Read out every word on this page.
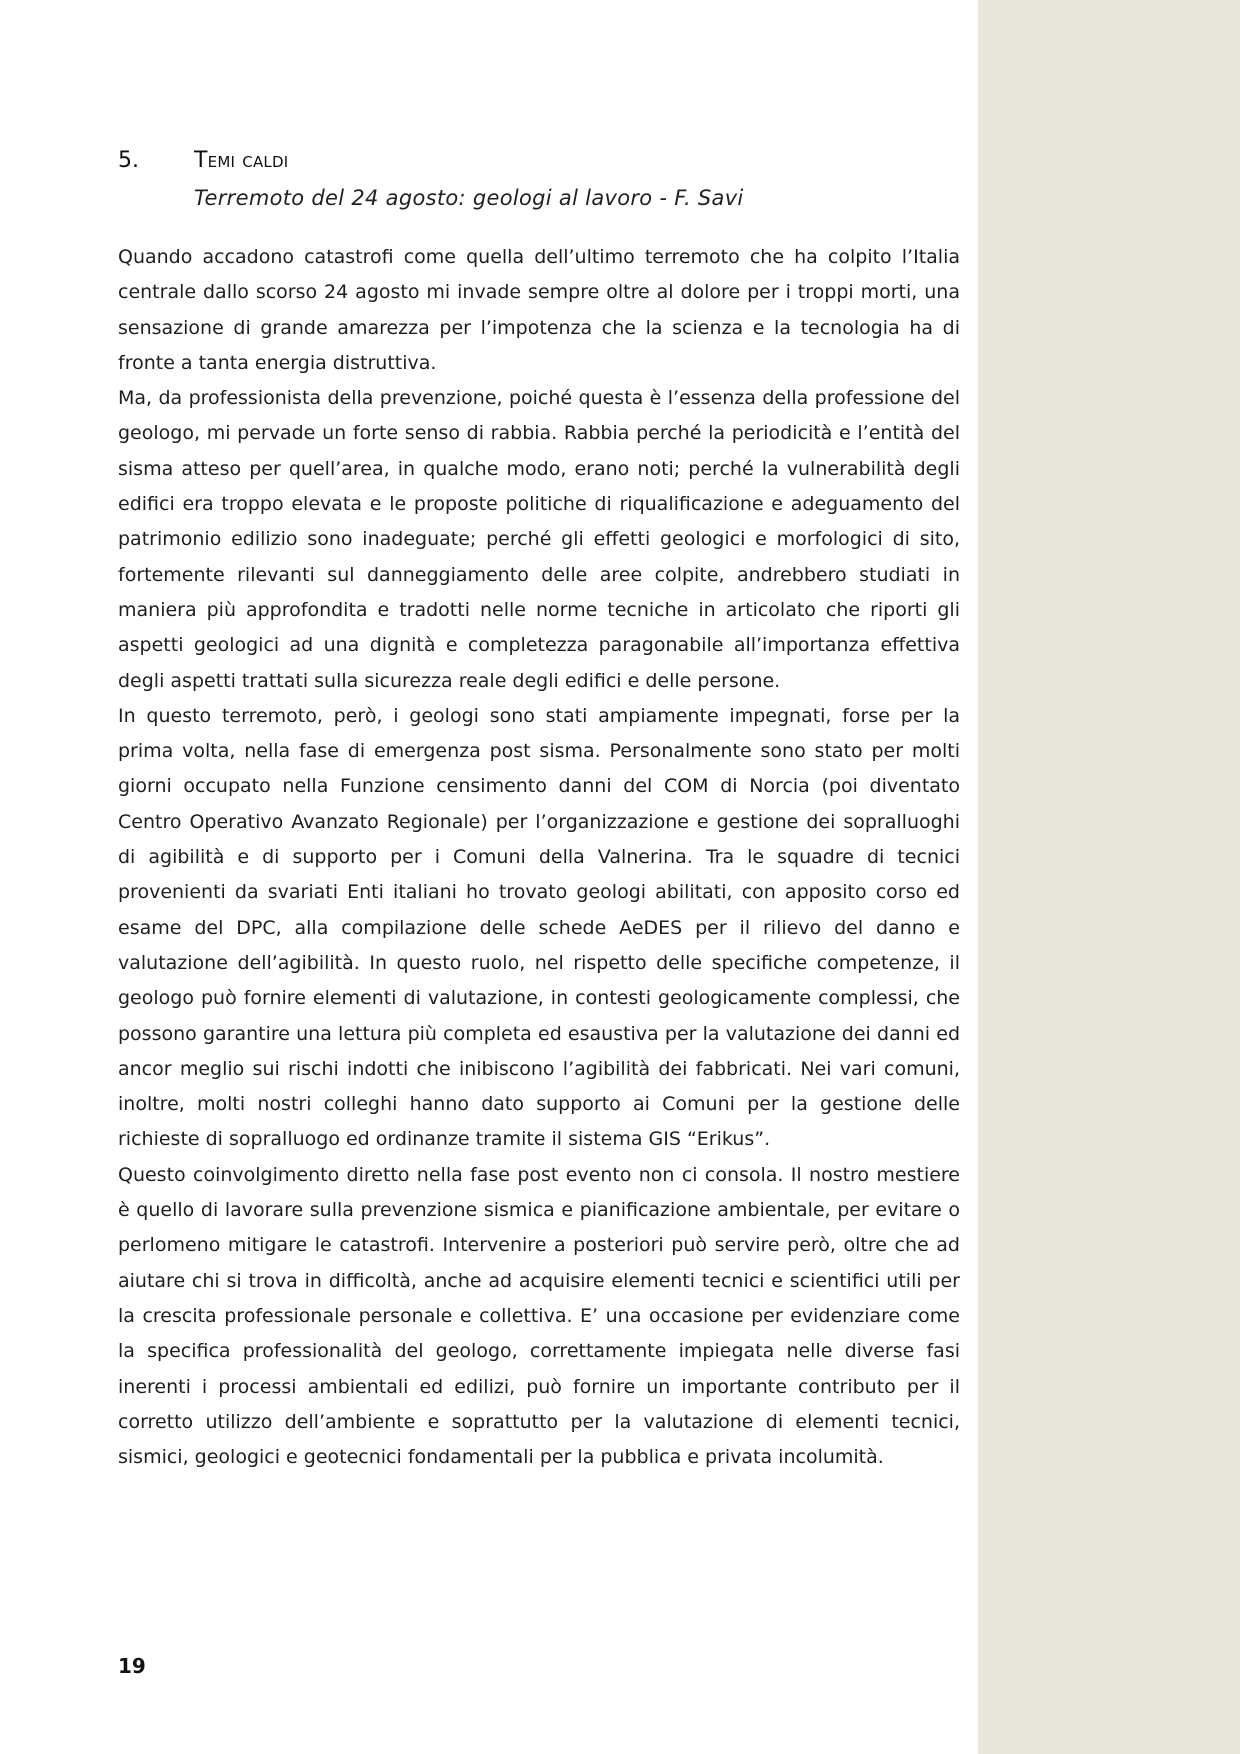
5.	Temi caldi
Terremoto del 24 agosto: geologi al lavoro - F. Savi

Quando accadono catastrofi come quella dell’ultimo terremoto che ha colpito l’Italia centrale dallo scorso 24 agosto mi invade sempre oltre al dolore per i troppi morti, una sensazione di grande amarezza per l’impotenza che la scienza e la tecnologia ha di fronte a tanta energia distruttiva.

Ma, da professionista della prevenzione, poiché questa è l’essenza della professione del geologo, mi pervade un forte senso di rabbia. Rabbia perché la periodicità e l’entità del sisma atteso per quell’area, in qualche modo, erano noti; perché la vulnerabilità degli edifici era troppo elevata e le proposte politiche di riqualificazione e adeguamento del patrimonio edilizio sono inadeguate; perché gli effetti geologici e morfologici di sito, fortemente rilevanti sul danneggiamento delle aree colpite, andrebbero studiati in maniera più approfondita e tradotti nelle norme tecniche in articolato che riporti gli aspetti geologici ad una dignità e completezza paragonabile all’importanza effettiva degli aspetti trattati sulla sicurezza reale degli edifici e delle persone.

In questo terremoto, però, i geologi sono stati ampiamente impegnati, forse per la prima volta, nella fase di emergenza post sisma. Personalmente sono stato per molti giorni occupato nella Funzione censimento danni del COM di Norcia (poi diventato Centro Operativo Avanzato Regionale) per l’organizzazione e gestione dei sopralluoghi di agibilità e di supporto per i Comuni della Valnerina. Tra le squadre di tecnici provenienti da svariati Enti italiani ho trovato geologi abilitati, con apposito corso ed esame del DPC, alla compilazione delle schede AeDES per il rilievo del danno e valutazione dell’agibilità. In questo ruolo, nel rispetto delle specifiche competenze, il geologo può fornire elementi di valutazione, in contesti geologicamente complessi, che possono garantire una lettura più completa ed esaustiva per la valutazione dei danni ed ancor meglio sui rischi indotti che inibiscono l’agibilità dei fabbricati. Nei vari comuni, inoltre, molti nostri colleghi hanno dato supporto ai Comuni per la gestione delle richieste di sopralluogo ed ordinanze tramite il sistema GIS “Erikus”.

Questo coinvolgimento diretto nella fase post evento non ci consola. Il nostro mestiere è quello di lavorare sulla prevenzione sismica e pianificazione ambientale, per evitare o perlomeno mitigare le catastrofi. Intervenire a posteriori può servire però, oltre che ad aiutare chi si trova in difficoltà, anche ad acquisire elementi tecnici e scientifici utili per la crescita professionale personale e collettiva. E’ una occasione per evidenziare come la specifica professionalità del geologo, correttamente impiegata nelle diverse fasi inerenti i processi ambientali ed edilizi, può fornire un importante contributo per il corretto utilizzo dell’ambiente e soprattutto per la valutazione di elementi tecnici, sismici, geologici e geotecnici fondamentali per la pubblica e privata incolumità.

19
